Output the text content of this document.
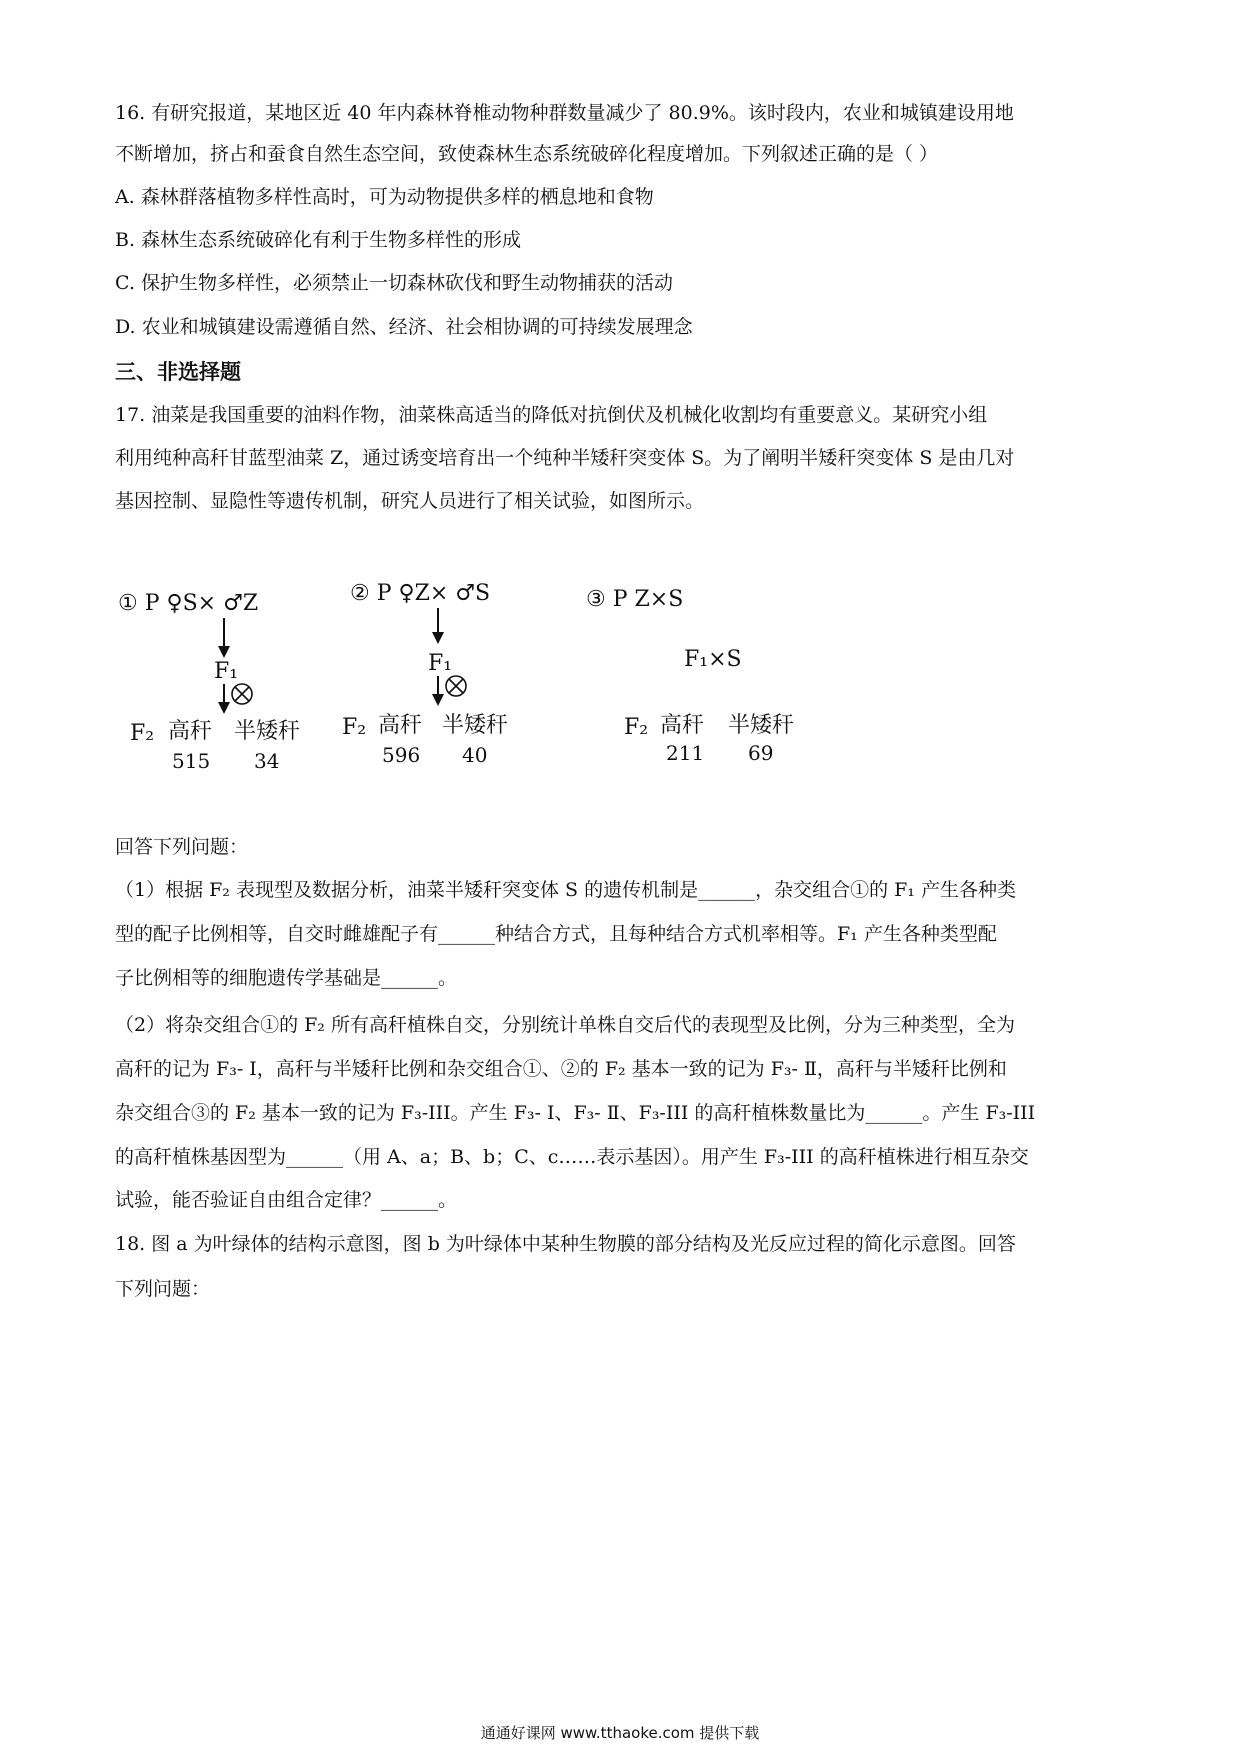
16. 有研究报道，某地区近 40 年内森林脊椎动物种群数量减少了 80.9%。该时段内，农业和城镇建设用地
不断增加，挤占和蚕食自然生态空间，致使森林生态系统破碎化程度增加。下列叙述正确的是（ ）
A. 森林群落植物多样性高时，可为动物提供多样的栖息地和食物
B. 森林生态系统破碎化有利于生物多样性的形成
C. 保护生物多样性，必须禁止一切森林砍伐和野生动物捕获的活动
D. 农业和城镇建设需遵循自然、经济、社会相协调的可持续发展理念
三、非选择题
17. 油菜是我国重要的油料作物，油菜株高适当的降低对抗倒伏及机械化收割均有重要意义。某研究小组
利用纯种高秆甘蓝型油菜 Z，通过诱变培育出一个纯种半矮秆突变体 S。为了阐明半矮秆突变体 S 是由几对
基因控制、显隐性等遗传机制，研究人员进行了相关试验，如图所示。
① P ♀S× ♂Z
F₁
F₂ 高秆 半矮秆
515 34
② P ♀Z× ♂S
F₁
F₂ 高秆 半矮秆
596 40
③ P Z×S
F₁×S
F₂ 高秆 半矮秆
211 69
回答下列问题：
（1）根据 F₂ 表现型及数据分析，油菜半矮秆突变体 S 的遗传机制是______，杂交组合①的 F₁ 产生各种类
型的配子比例相等，自交时雌雄配子有______种结合方式，且每种结合方式机率相等。F₁ 产生各种类型配
子比例相等的细胞遗传学基础是______。
（2）将杂交组合①的 F₂ 所有高秆植株自交，分别统计单株自交后代的表现型及比例，分为三种类型，全为
高秆的记为 F₃- Ⅰ，高秆与半矮秆比例和杂交组合①、②的 F₂ 基本一致的记为 F₃- Ⅱ，高秆与半矮秆比例和
杂交组合③的 F₂ 基本一致的记为 F₃-III。产生 F₃- Ⅰ、F₃- Ⅱ、F₃-III 的高秆植株数量比为______。产生 F₃-III
的高秆植株基因型为______（用 A、a；B、b；C、c……表示基因）。用产生 F₃-III 的高秆植株进行相互杂交
试验，能否验证自由组合定律？______。
18. 图 a 为叶绿体的结构示意图，图 b 为叶绿体中某种生物膜的部分结构及光反应过程的简化示意图。回答
下列问题：
通通好课网 www.tthaoke.com 提供下载
